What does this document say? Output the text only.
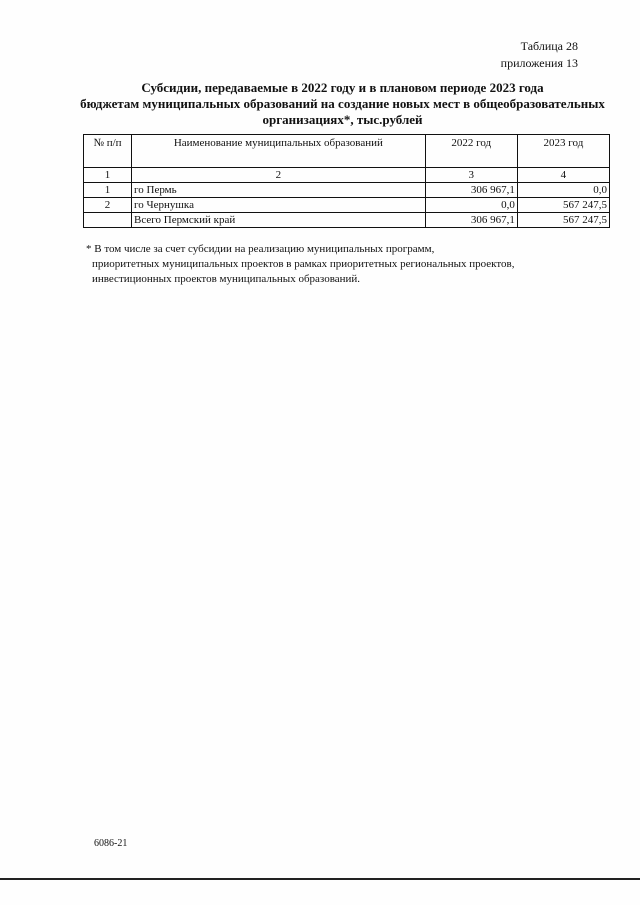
Таблица 28
приложения 13
Субсидии, передаваемые в 2022 году и в плановом периоде 2023 года
бюджетам муниципальных образований на создание новых мест в общеобразовательных
организациях*, тыс.рублей
№ п/п	Наименование муниципальных образований	2022 год	2023 год
1	2	3	4
1	го Пермь	306 967,1	0,0
2	го Чернушка	0,0	567 247,5
	Всего Пермский край	306 967,1	567 247,5
* В том числе за счет субсидии на реализацию муниципальных программ,
приоритетных муниципальных проектов в рамках приоритетных региональных проектов,
инвестиционных проектов муниципальных образований.
6086-21
